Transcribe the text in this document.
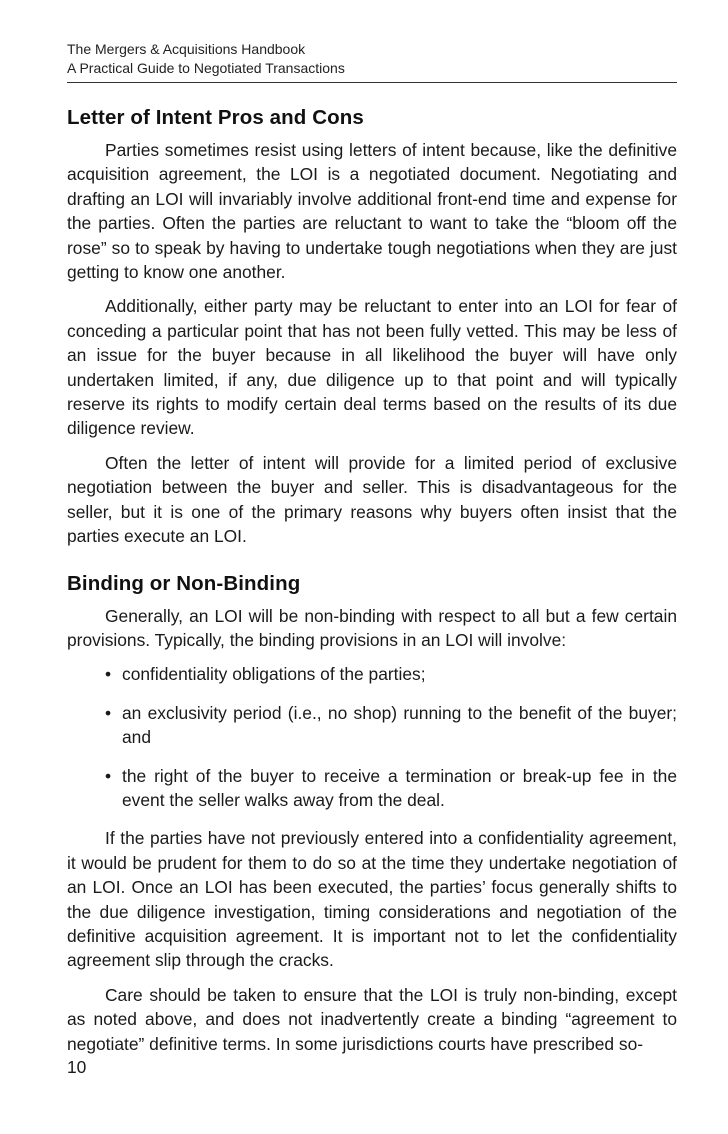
The Mergers & Acquisitions Handbook
A Practical Guide to Negotiated Transactions
Letter of Intent Pros and Cons

Parties sometimes resist using letters of intent because, like the definitive acquisition agreement, the LOI is a negotiated document. Negotiating and drafting an LOI will invariably involve additional front-end time and expense for the parties. Often the parties are reluctant to want to take the “bloom off the rose” so to speak by having to undertake tough negotiations when they are just getting to know one another.

Additionally, either party may be reluctant to enter into an LOI for fear of conceding a particular point that has not been fully vetted. This may be less of an issue for the buyer because in all likelihood the buyer will have only undertaken limited, if any, due diligence up to that point and will typically reserve its rights to modify certain deal terms based on the results of its due diligence review.

Often the letter of intent will provide for a limited period of exclusive negotiation between the buyer and seller. This is disadvantageous for the seller, but it is one of the primary reasons why buyers often insist that the parties execute an LOI.

Binding or Non-Binding

Generally, an LOI will be non-binding with respect to all but a few certain provisions. Typically, the binding provisions in an LOI will involve:

• confidentiality obligations of the parties;
• an exclusivity period (i.e., no shop) running to the benefit of the buyer; and
• the right of the buyer to receive a termination or break-up fee in the event the seller walks away from the deal.

If the parties have not previously entered into a confidentiality agreement, it would be prudent for them to do so at the time they undertake negotiation of an LOI. Once an LOI has been executed, the parties’ focus generally shifts to the due diligence investigation, timing considerations and negotiation of the definitive acquisition agreement. It is important not to let the confidentiality agreement slip through the cracks.

Care should be taken to ensure that the LOI is truly non-binding, except as noted above, and does not inadvertently create a binding “agreement to negotiate” definitive terms. In some jurisdictions courts have prescribed so-

10
